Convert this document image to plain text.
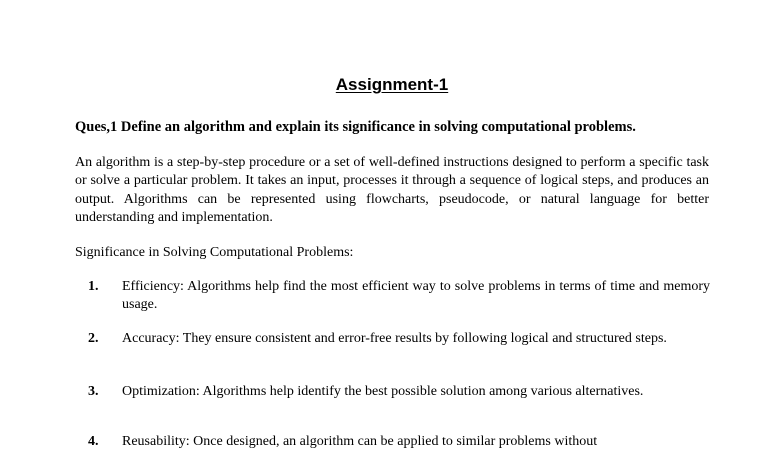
Assignment-1
Ques,1 Define an algorithm and explain its significance in solving computational problems.
An algorithm is a step-by-step procedure or a set of well-defined instructions designed to perform a specific task or solve a particular problem. It takes an input, processes it through a sequence of logical steps, and produces an output. Algorithms can be represented using flowcharts, pseudocode, or natural language for better understanding and implementation.
Significance in Solving Computational Problems:
1. Efficiency: Algorithms help find the most efficient way to solve problems in terms of time and memory usage.
2. Accuracy: They ensure consistent and error-free results by following logical and structured steps.
3. Optimization: Algorithms help identify the best possible solution among various alternatives.
4. Reusability: Once designed, an algorithm can be applied to similar problems without
